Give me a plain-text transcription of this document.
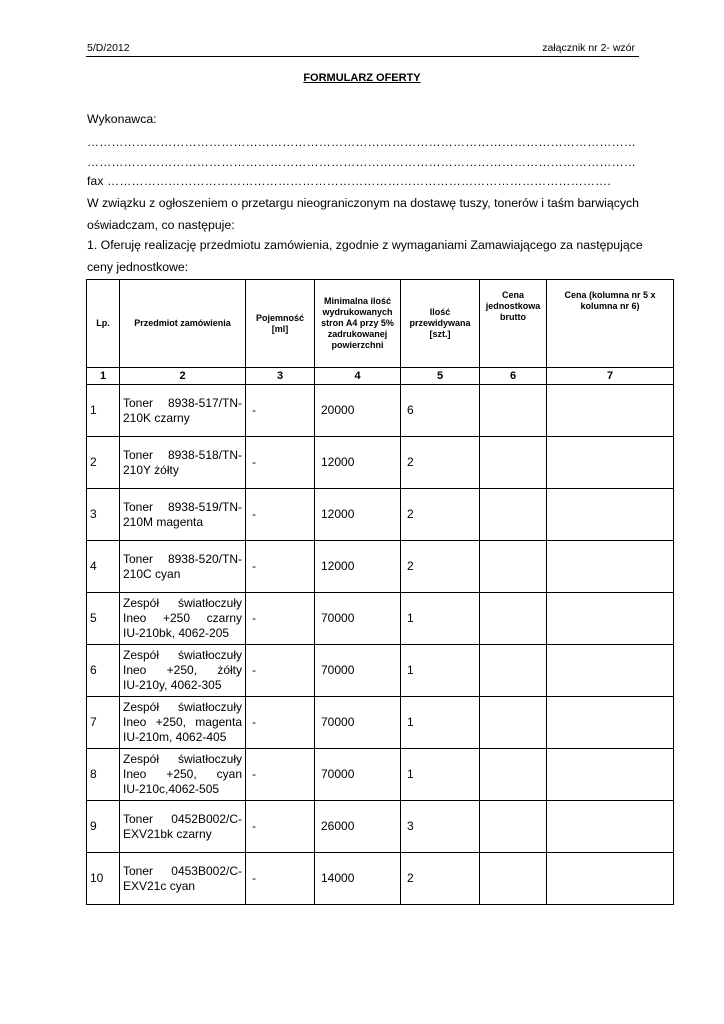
5/D/2012	załącznik nr 2- wzór
FORMULARZ OFERTY
Wykonawca:
………………………………………………………………………………………………………………………
………………………………………………………………………………………………………………………
fax …………………………………………………………………………………………………………….
W związku z ogłoszeniem o przetargu nieograniczonym na dostawę tuszy, tonerów i taśm barwiących
oświadczam, co następuje:
1. Oferuję realizację przedmiotu zamówienia, zgodnie z wymaganiami Zamawiającego za następujące
ceny jednostkowe:
Lp.	Przedmiot zamówienia	Pojemność [ml]	Minimalna ilość wydrukowanych stron A4 przy 5% zadrukowanej powierzchni	Ilość przewidywana [szt.]	Cena jednostkowa brutto	Cena (kolumna nr 5 x kolumna nr 6)
1	2	3	4	5	6	7
1	Toner 8938-517/TN-
210K czarny	-	20000	6		
2	Toner 8938-518/TN-
210Y żółty	-	12000	2		
3	Toner 8938-519/TN-
210M magenta	-	12000	2		
4	Toner 8938-520/TN-
210C cyan	-	12000	2		
5	Zespół światłoczuły
Ineo +250 czarny
IU-210bk, 4062-205	-	70000	1		
6	Zespół światłoczuły
Ineo +250, żółty
IU-210y, 4062-305	-	70000	1		
7	Zespół światłoczuły
Ineo +250, magenta
IU-210m, 4062-405	-	70000	1		
8	Zespół światłoczuły
Ineo +250, cyan
IU-210c,4062-505	-	70000	1		
9	Toner 0452B002/C-
EXV21bk czarny	-	26000	3		
10	Toner 0453B002/C-
EXV21c cyan	-	14000	2		
